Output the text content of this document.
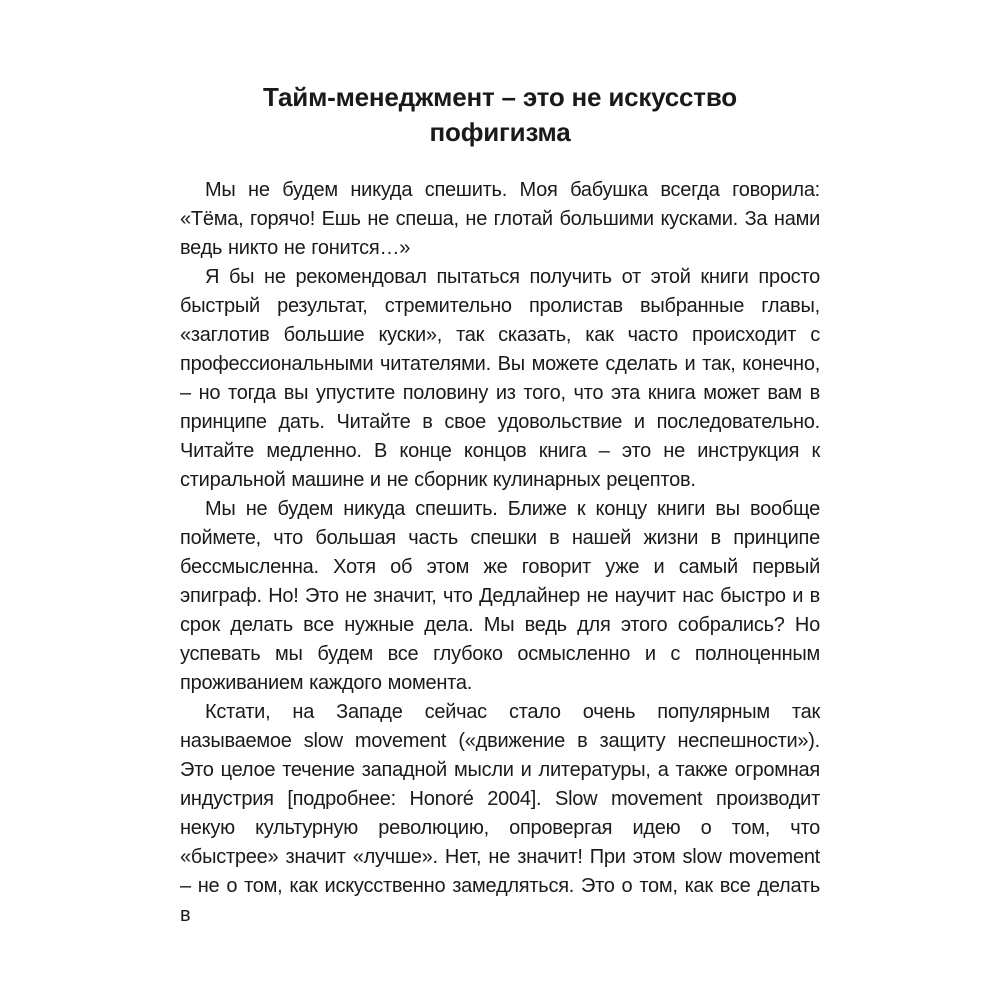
Тайм-менеджмент – это не искусство пофигизма

Мы не будем никуда спешить. Моя бабушка всегда говорила: «Тёма, горячо! Ешь не спеша, не глотай большими кусками. За нами ведь никто не гонится…»

Я бы не рекомендовал пытаться получить от этой книги просто быстрый результат, стремительно пролистав выбранные главы, «заглотив большие куски», так сказать, как часто происходит с профессиональными читателями. Вы можете сделать и так, конечно, – но тогда вы упустите половину из того, что эта книга может вам в принципе дать. Читайте в свое удовольствие и последовательно. Читайте медленно. В конце концов книга – это не инструкция к стиральной машине и не сборник кулинарных рецептов.

Мы не будем никуда спешить. Ближе к концу книги вы вообще поймете, что большая часть спешки в нашей жизни в принципе бессмысленна. Хотя об этом же говорит уже и самый первый эпиграф. Но! Это не значит, что Дедлайнер не научит нас быстро и в срок делать все нужные дела. Мы ведь для этого собрались? Но успевать мы будем все глубоко осмысленно и с полноценным проживанием каждого момента.

Кстати, на Западе сейчас стало очень популярным так называемое slow movement («движение в защиту неспешности»). Это целое течение западной мысли и литературы, а также огромная индустрия [подробнее: Honoré 2004]. Slow movement производит некую культурную революцию, опровергая идею о том, что «быстрее» значит «лучше». Нет, не значит! При этом slow movement – не о том, как искусственно замедляться. Это о том, как все делать в
